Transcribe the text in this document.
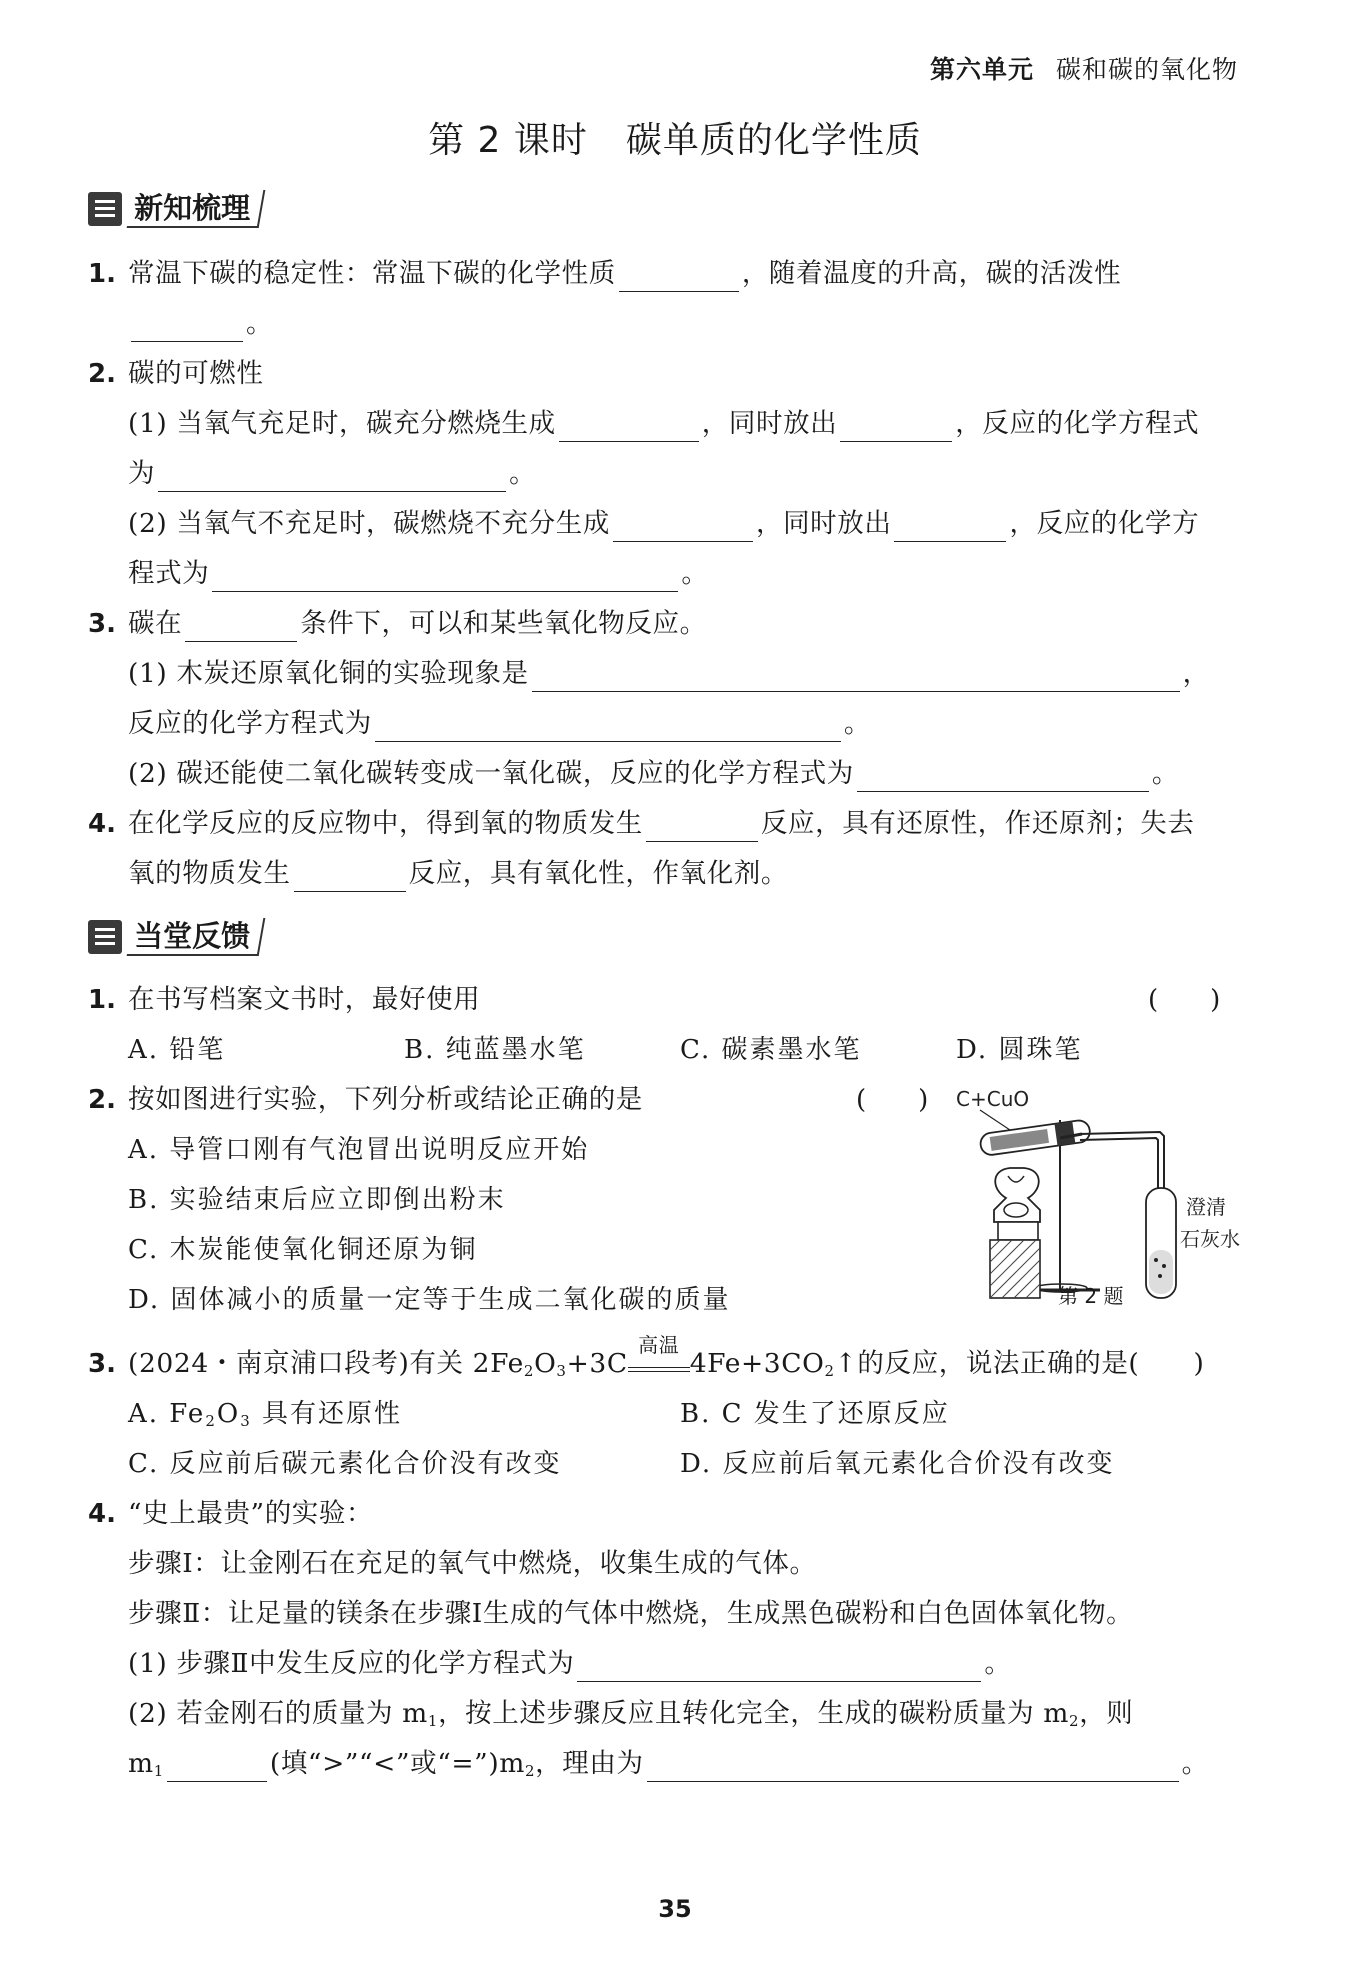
第六单元 碳和碳的氧化物
第 2 课时 碳单质的化学性质
新知梳理
1. 常温下碳的稳定性：常温下碳的化学性质	，随着温度的升高，碳的活泼性
。
2. 碳的可燃性
(1) 当氧气充足时，碳充分燃烧生成	，同时放出	，反应的化学方程式
为	。
(2) 当氧气不充足时，碳燃烧不充分生成	，同时放出	，反应的化学方
程式为	。
3. 碳在	条件下，可以和某些氧化物反应。
(1) 木炭还原氧化铜的实验现象是	，
反应的化学方程式为	。
(2) 碳还能使二氧化碳转变成一氧化碳，反应的化学方程式为	。
4. 在化学反应的反应物中，得到氧的物质发生	反应，具有还原性，作还原剂；失去
氧的物质发生	反应，具有氧化性，作氧化剂。
当堂反馈
1. 在书写档案文书时，最好使用	(　　)
A. 铅笔	B. 纯蓝墨水笔	C. 碳素墨水笔	D. 圆珠笔
2. 按如图进行实验，下列分析或结论正确的是	(　　)
A. 导管口刚有气泡冒出说明反应开始
B. 实验结束后应立即倒出粉末
C. 木炭能使氧化铜还原为铜
D. 固体减小的质量一定等于生成二氧化碳的质量
C+CuO
澄清
石灰水
第 2 题
3. (2024・南京浦口段考)有关 $2Fe_2O_3+3C$
高温
$4Fe+3CO_2↑$的反应，说法正确的是(　　)
A. $Fe_2O_3$ 具有还原性	B. C 发生了还原反应
C. 反应前后碳元素化合价没有改变	D. 反应前后氧元素化合价没有改变
4. “史上最贵”的实验：
步骤Ⅰ：让金刚石在充足的氧气中燃烧，收集生成的气体。
步骤Ⅱ：让足量的镁条在步骤Ⅰ生成的气体中燃烧，生成黑色碳粉和白色固体氧化物。
(1) 步骤Ⅱ中发生反应的化学方程式为	。
(2) 若金刚石的质量为 $m_1$，按上述步骤反应且转化完全，生成的碳粉质量为 $m_2$，则
$m_1$	(填“>”“<”或“$=”)m_2$，理由为	。
35
